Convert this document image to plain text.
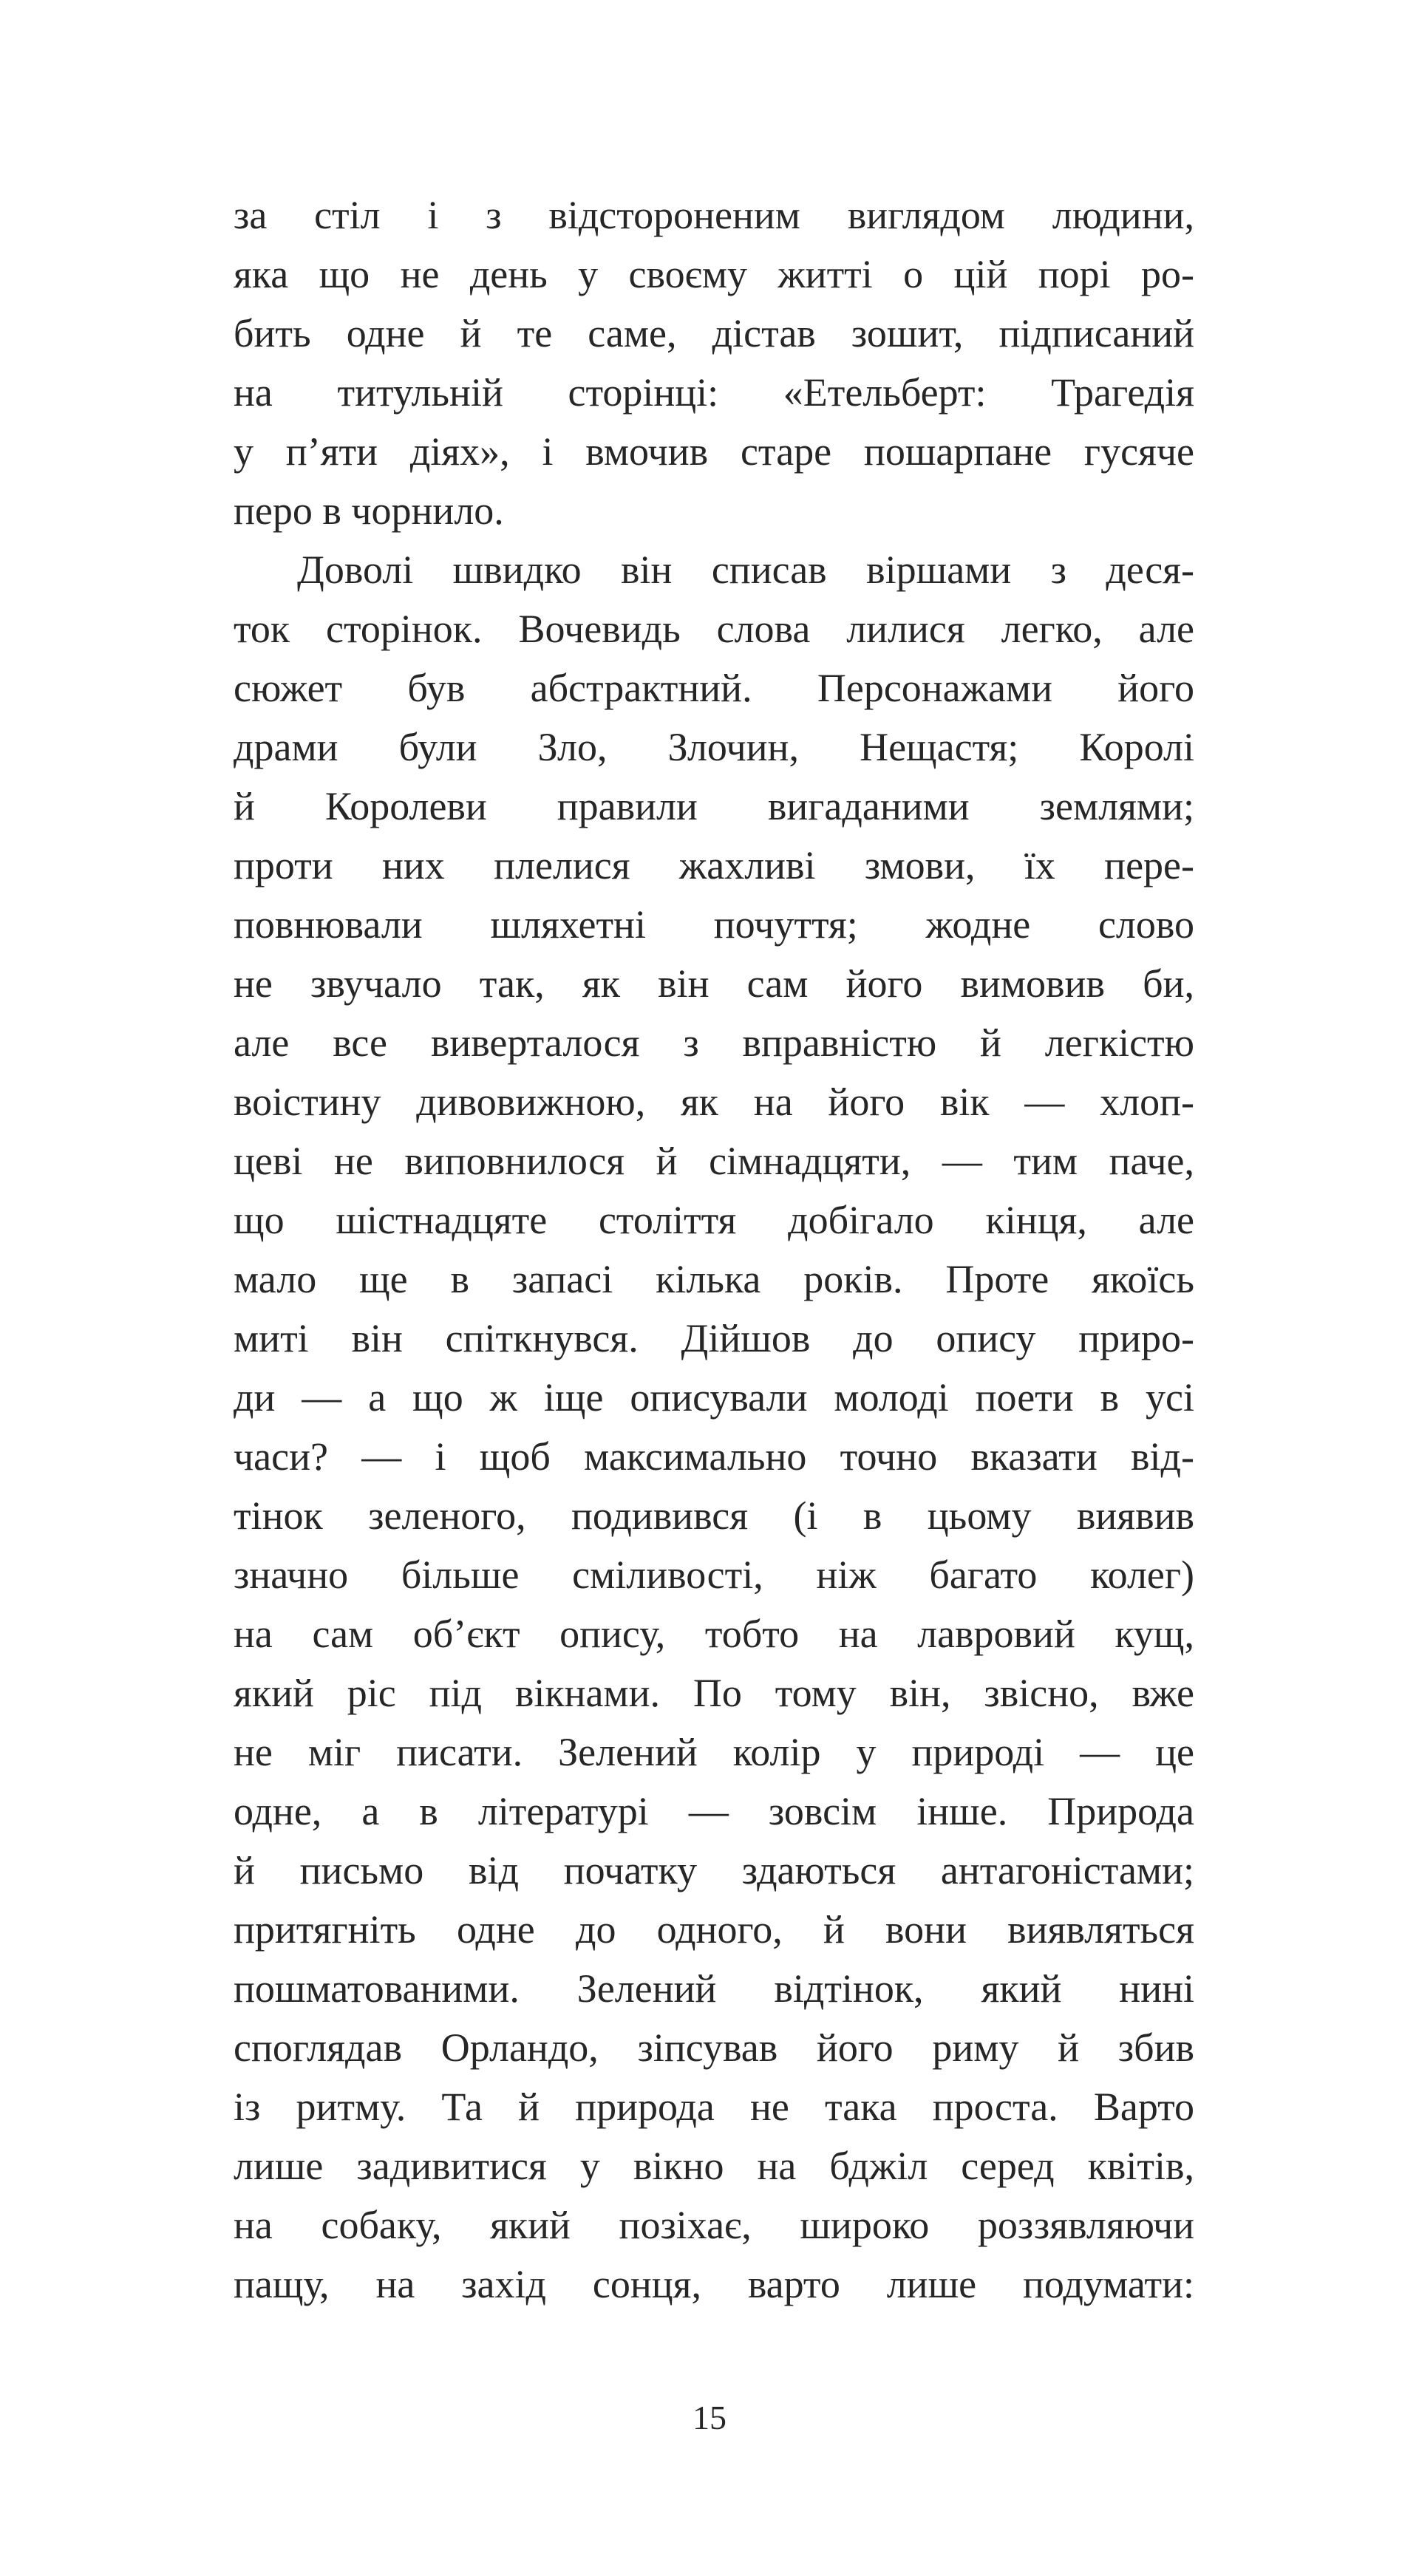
за стіл і з відстороненим виглядом людини,
яка що не день у своєму житті о цій порі ро-
бить одне й те саме, дістав зошит, підписаний
на титульній сторінці: «Етельберт: Трагедія
у п’яти діях», і вмочив старе пошарпане гусяче
перо в чорнило.
Доволі швидко він списав віршами з деся-
ток сторінок. Вочевидь слова лилися легко, але
сюжет був абстрактний. Персонажами його
драми були Зло, Злочин, Нещастя; Королі
й Королеви правили вигаданими землями;
проти них плелися жахливі змови, їх пере-
повнювали шляхетні почуття; жодне слово
не звучало так, як він сам його вимовив би,
але все виверталося з вправністю й легкістю
воістину дивовижною, як на його вік — хлоп-
цеві не виповнилося й сімнадцяти, — тим паче,
що шістнадцяте століття добігало кінця, але
мало ще в запасі кілька років. Проте якоїсь
миті він спіткнувся. Дійшов до опису приро-
ди — а що ж іще описували молоді поети в усі
часи? — і щоб максимально точно вказати від-
тінок зеленого, подивився (і в цьому виявив
значно більше сміливості, ніж багато колег)
на сам об’єкт опису, тобто на лавровий кущ,
який ріс під вікнами. По тому він, звісно, вже
не міг писати. Зелений колір у природі — це
одне, а в літературі — зовсім інше. Природа
й письмо від початку здаються антагоністами;
притягніть одне до одного, й вони виявляться
пошматованими. Зелений відтінок, який нині
споглядав Орландо, зіпсував його риму й збив
із ритму. Та й природа не така проста. Варто
лише задивитися у вікно на бджіл серед квітів,
на собаку, який позіхає, широко роззявляючи
пащу, на захід сонця, варто лише подумати:
15
